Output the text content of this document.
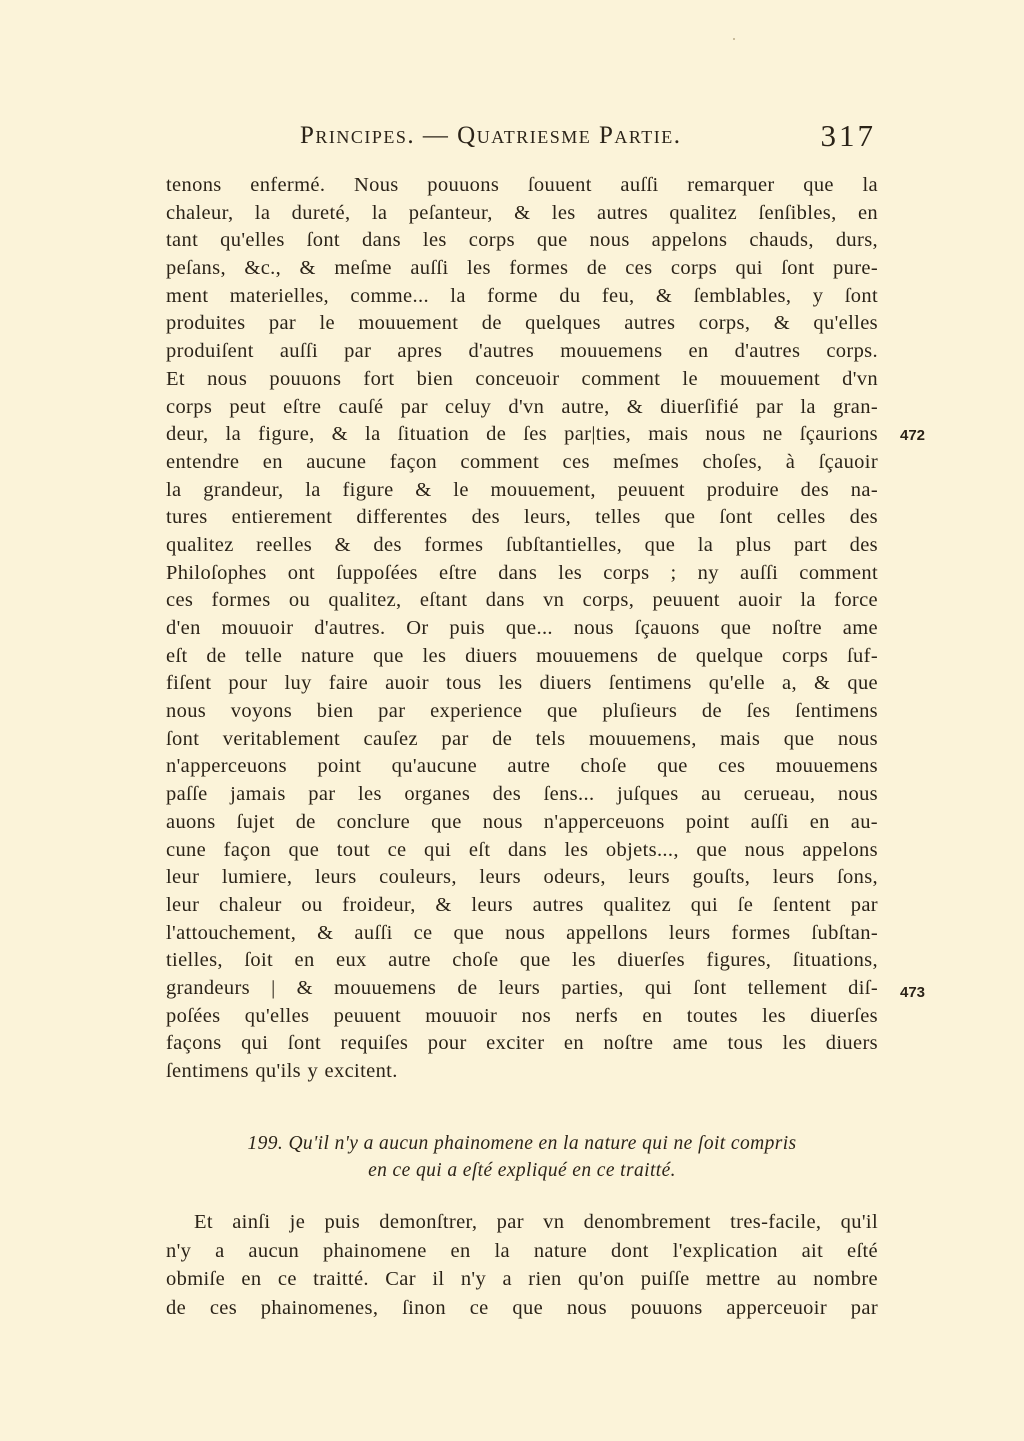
Principes. — Quatrieſme Partie.	317
tenons enfermé. Nous pouuons ſouuent auſſi remarquer que la
chaleur, la dureté, la peſanteur, & les autres qualitez ſenſibles, en
tant qu'elles ſont dans les corps que nous appelons chauds, durs,
peſans, &c., & meſme auſſi les formes de ces corps qui ſont pure-
ment materielles, comme... la forme du feu, & ſemblables, y ſont
produites par le mouuement de quelques autres corps, & qu'elles
produiſent auſſi par apres d'autres mouuemens en d'autres corps.
Et nous pouuons fort bien conceuoir comment le mouuement d'vn
corps peut eſtre cauſé par celuy d'vn autre, & diuerſifié par la gran-
deur, la figure, & la ſituation de ſes par|ties, mais nous ne ſçaurions
entendre en aucune façon comment ces meſmes choſes, à ſçauoir
la grandeur, la figure & le mouuement, peuuent produire des na-
tures entierement differentes des leurs, telles que ſont celles des
qualitez reelles & des formes ſubſtantielles, que la plus part des
Philoſophes ont ſuppoſées eſtre dans les corps ; ny auſſi comment
ces formes ou qualitez, eſtant dans vn corps, peuuent auoir la force
d'en mouuoir d'autres. Or puis que... nous ſçauons que noſtre ame
eſt de telle nature que les diuers mouuemens de quelque corps ſuf-
fiſent pour luy faire auoir tous les diuers ſentimens qu'elle a, & que
nous voyons bien par experience que pluſieurs de ſes ſentimens
ſont veritablement cauſez par de tels mouuemens, mais que nous
n'apperceuons point qu'aucune autre choſe que ces mouuemens
paſſe jamais par les organes des ſens... juſques au cerueau, nous
auons ſujet de conclure que nous n'apperceuons point auſſi en au-
cune façon que tout ce qui eſt dans les objets..., que nous appelons
leur lumiere, leurs couleurs, leurs odeurs, leurs gouſts, leurs ſons,
leur chaleur ou froideur, & leurs autres qualitez qui ſe ſentent par
l'attouchement, & auſſi ce que nous appellons leurs formes ſubſtan-
tielles, ſoit en eux autre choſe que les diuerſes figures, ſituations,
grandeurs | & mouuemens de leurs parties, qui ſont tellement diſ-
poſées qu'elles peuuent mouuoir nos nerfs en toutes les diuerſes
façons qui ſont requiſes pour exciter en noſtre ame tous les diuers
ſentimens qu'ils y excitent.
472
473
199. Qu'il n'y a aucun phainomene en la nature qui ne ſoit compris
en ce qui a eſté expliqué en ce traitté.
Et ainſi je puis demonſtrer, par vn denombrement tres-facile, qu'il
n'y a aucun phainomene en la nature dont l'explication ait eſté
obmiſe en ce traitté. Car il n'y a rien qu'on puiſſe mettre au nombre
de ces phainomenes, ſinon ce que nous pouuons apperceuoir par
